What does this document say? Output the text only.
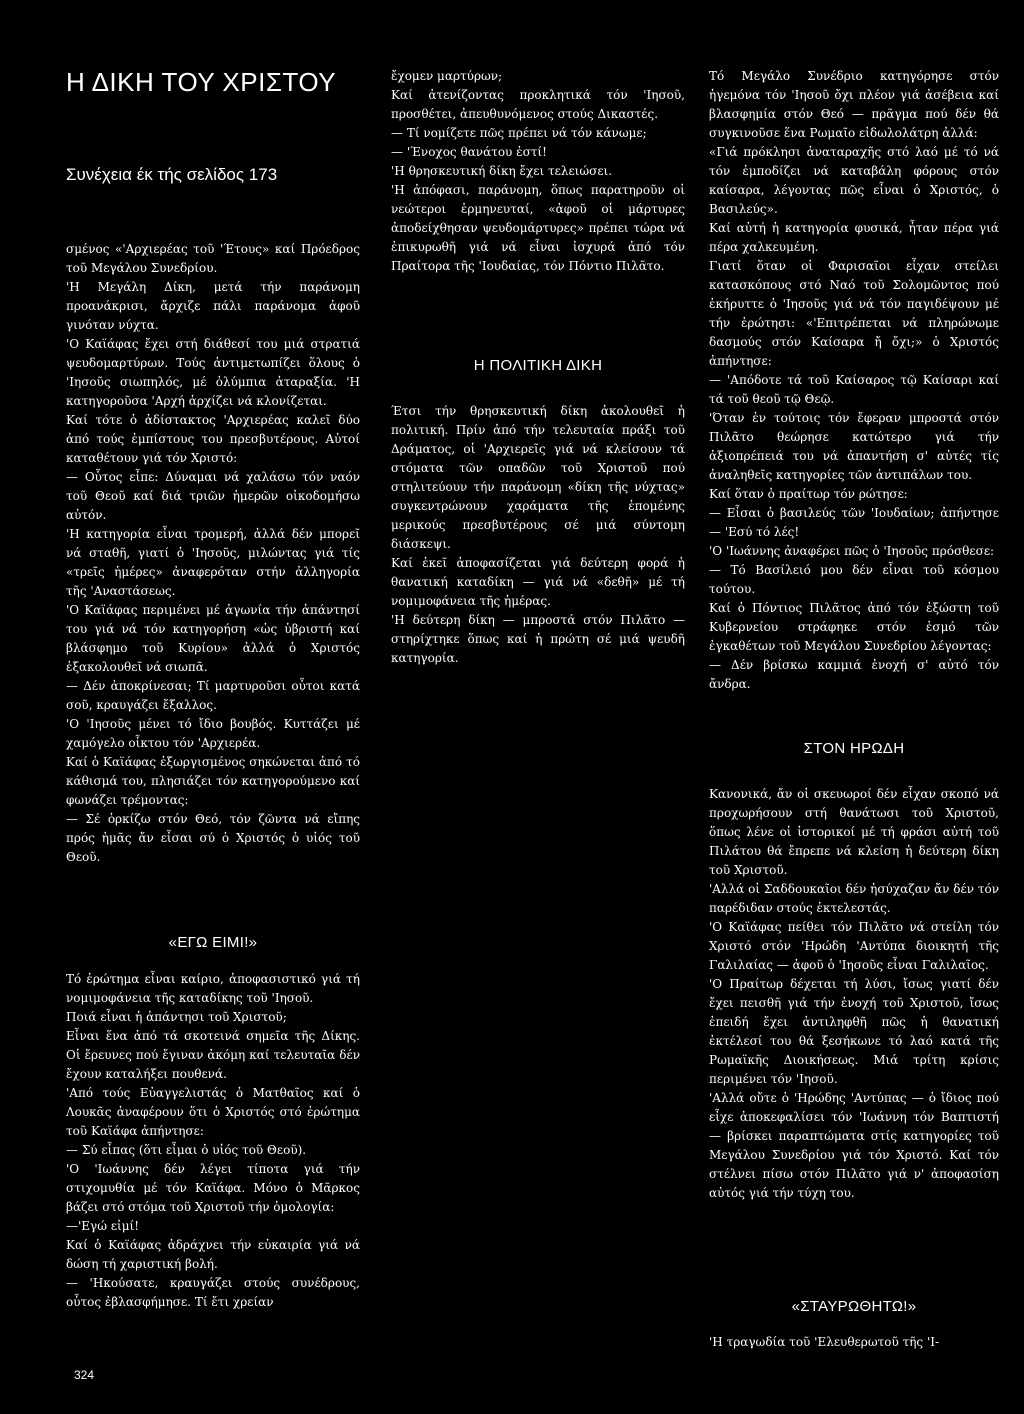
Η ΔΙΚΗ ΤΟΥ ΧΡΙΣΤΟΥ
Συνέχεια έκ τής σελίδος 173

σμένος «'Αρχιερέας τοῦ 'Έτους» καί Πρόεδρος τοῦ Μεγάλου Συνεδρίου.
'Η Μεγάλη Δίκη, μετά τήν παράνομη προανάκρισι, ἄρχιζε πάλι παράνομα ἀφοῦ γινόταν νύχτα.
'Ο Καϊάφας ἔχει στή διάθεσί του μιά στρατιά ψευδομαρτύρων. Τούς ἀντιμετωπίζει ὅλους ὁ 'Ιησοῦς σιωπηλός, μέ ὀλύμπια ἀταραξία. 'Η κατηγοροῦσα 'Αρχή ἀρχίζει νά κλονίζεται.
Καί τότε ὁ ἀδίστακτος 'Αρχιερέας καλεῖ δύο ἀπό τούς ἐμπίστους του πρεσβυτέρους. Αὐτοί καταθέτουν γιά τόν Χριστό:
— Οὗτος εἶπε: Δύναμαι νά χαλάσω τόν ναόν τοῦ Θεοῦ καί διά τριῶν ἡμερῶν οἰκοδομήσω αὐτόν.
'Η κατηγορία εἶναι τρομερή, ἀλλά δέν μπορεῖ νά σταθῆ, γιατί ὁ 'Ιησοῦς, μιλώντας γιά τίς «τρεῖς ἡμέρες» ἀναφερόταν στήν ἀλληγορία τῆς 'Αναστάσεως.
'Ο Καϊάφας περιμένει μέ ἀγωνία τήν ἀπάντησί του γιά νά τόν κατηγορήση «ὡς ὑβριστή καί βλάσφημο τοῦ Κυρίου» ἀλλά ὁ Χριστός ἐξακολουθεῖ νά σιωπᾶ.
— Δέν ἀποκρίνεσαι; Τί μαρτυροῦσι οὗτοι κατά σοῦ, κραυγάζει ἔξαλλος.
'Ο 'Ιησοῦς μένει τό ἴδιο βουβός. Κυττάζει μέ χαμόγελο οἶκτου τόν 'Αρχιερέα.
Καί ὁ Καϊάφας ἐξωργισμένος σηκώνεται ἀπό τό κάθισμά του, πλησιάζει τόν κατηγορούμενο καί φωνάζει τρέμοντας:
— Σέ ὁρκίζω στόν Θεό, τόν ζῶντα νά εἴπης πρός ἡμᾶς ἄν εἶσαι σύ ὁ Χριστός ὁ υἱός τοῦ Θεοῦ.

«ΕΓΩ ΕΙΜΙ!»

Τό ἐρώτημα εἶναι καίριο, ἀποφασιστικό γιά τή νομιμοφάνεια τῆς καταδίκης τοῦ 'Ιησοῦ.
Ποιά εἶναι ἡ ἀπάντησι τοῦ Χριστοῦ;
Εἶναι ἕνα ἀπό τά σκοτεινά σημεῖα τῆς Δίκης. Οἱ ἔρευνες πού ἔγιναν ἀκόμη καί τελευταῖα δέν ἔχουν καταλήξει πουθενά.
'Από τούς Εὐαγγελιστάς ὁ Ματθαῖος καί ὁ Λουκᾶς ἀναφέρουν ὅτι ὁ Χριστός στό ἐρώτημα τοῦ Καϊάφα ἀπήντησε:
— Σύ εἶπας (ὅτι εἶμαι ὁ υἱός τοῦ Θεοῦ).
'Ο 'Ιωάννης δέν λέγει τίποτα γιά τήν στιχομυθία μέ τόν Καϊάφα. Μόνο ὁ Μᾶρκος βάζει στό στόμα τοῦ Χριστοῦ τήν ὁμολογία:
—'Εγώ εἰμί!
Καί ὁ Καϊάφας ἀδράχνει τήν εὐκαιρία γιά νά δώση τή χαριστική βολή.
— 'Ηκούσατε, κραυγάζει στούς συνέδρους, οὗτος ἐβλασφήμησε. Τί ἔτι χρείαν

ἔχομεν μαρτύρων;
Καί ἀτενίζοντας προκλητικά τόν 'Ιησοῦ, προσθέτει, ἀπευθυνόμενος στούς Δικαστές.
— Τί νομίζετε πῶς πρέπει νά τόν κάνωμε;
— 'Ένοχος θανάτου ἐστί!
'Η θρησκευτική δίκη ἔχει τελειώσει.
'Η ἀπόφασι, παράνομη, ὅπως παρατηροῦν οἱ νεώτεροι ἑρμηνευταί, «ἀφοῦ οἱ μάρτυρες ἀποδείχθησαν ψευδομάρτυρες» πρέπει τώρα νά ἐπικυρωθῆ γιά νά εἶναι ἰσχυρά ἀπό τόν Πραίτορα τῆς 'Ιουδαίας, τόν Πόντιο Πιλᾶτο.

Η ΠΟΛΙΤΙΚΗ ΔΙΚΗ

Έτσι τήν θρησκευτική δίκη ἀκολουθεῖ ἡ πολιτική. Πρίν ἀπό τήν τελευταία πράξι τοῦ Δράματος, οἱ 'Αρχιερεῖς γιά νά κλείσουν τά στόματα τῶν οπαδῶν τοῦ Χριστοῦ πού στηλιτεύουν τήν παράνομη «δίκη τῆς νύχτας» συγκεντρώνουν χαράματα τῆς ἑπομένης μερικούς πρεσβυτέρους σέ μιά σύντομη διάσκεψι.
Καί ἐκεῖ ἀποφασίζεται γιά δεύτερη φορά ἡ θανατική καταδίκη — γιά νά «δεθῆ» μέ τή νομιμοφάνεια τῆς ἡμέρας.
'Η δεύτερη δίκη — μπροστά στόν Πιλᾶτο — στηρίχτηκε ὅπως καί ἡ πρώτη σέ μιά ψευδῆ κατηγορία.

Τό Μεγάλο Συνέδριο κατηγόρησε στόν ἡγεμόνα τόν 'Ιησοῦ ὄχι πλέον γιά ἀσέβεια καί βλασφημία στόν Θεό — πρᾶγμα πού δέν θά συγκινοῦσε ἕνα Ρωμαῖο εἰδωλολάτρη ἀλλά:
«Γιά πρόκλησι ἀναταραχῆς στό λαό μέ τό νά τόν ἐμποδίζει νά καταβάλη φόρους στόν καίσαρα, λέγοντας πῶς εἶναι ὁ Χριστός, ὁ Βασιλεύς».
Καί αὐτή ἡ κατηγορία φυσικά, ἦταν πέρα γιά πέρα χαλκευμένη.
Γιατί ὅταν οἱ Φαρισαῖοι εἶχαν στείλει κατασκόπους στό Ναό τοῦ Σολομῶντος πού ἐκήρυττε ὁ 'Ιησοῦς γιά νά τόν παγιδέψουν μέ τήν ἐρώτησι: «'Επιτρέπεται νά πληρώνωμε δασμούς στόν Καίσαρα ἤ ὄχι;» ὁ Χριστός ἀπήντησε:
— 'Απόδοτε τά τοῦ Καίσαρος τῷ Καίσαρι καί τά τοῦ θεοῦ τῷ Θεῷ.
'Όταν ἐν τούτοις τόν ἔφεραν μπροστά στόν Πιλᾶτο θεώρησε κατώτερο γιά τήν ἀξιοπρέπειά του νά ἀπαντήση σ' αὐτές τίς ἀναληθεῖς κατηγορίες τῶν ἀντιπάλων του.
Καί ὅταν ὁ πραίτωρ τόν ρώτησε:
— Εἶσαι ὁ βασιλεύς τῶν 'Ιουδαίων; ἀπήντησε — 'Εσύ τό λές!
'Ο 'Ιωάννης ἀναφέρει πῶς ὁ 'Ιησοῦς πρόσθεσε:
— Τό Βασίλειό μου δέν εἶναι τοῦ κόσμου τούτου.
Καί ὁ Πόντιος Πιλᾶτος ἀπό τόν ἐξώστη τοῦ Κυβερνείου στράφηκε στόν ἐσμό τῶν ἐγκαθέτων τοῦ Μεγάλου Συνεδρίου λέγοντας:
— Δέν βρίσκω καμμιά ἐνοχή σ' αὐτό τόν ἄνδρα.

ΣΤΟΝ ΗΡΩΔΗ

Κανονικά, ἄν οἱ σκευωροί δέν εἶχαν σκοπό νά προχωρήσουν στή θανάτωσι τοῦ Χριστοῦ, ὅπως λένε οἱ ἱστορικοί μέ τή φράσι αὐτή τοῦ Πιλάτου θά ἔπρεπε νά κλείση ἡ δεύτερη δίκη τοῦ Χριστοῦ.
'Αλλά οἱ Σαδδουκαῖοι δέν ἡσύχαζαν ἄν δέν τόν παρέδιδαν στούς ἐκτελεστάς.
'Ο Καϊάφας πείθει τόν Πιλᾶτο νά στείλη τόν Χριστό στόν 'Ηρώδη 'Αντύπα διοικητή τῆς Γαλιλαίας — ἀφοῦ ὁ 'Ιησοῦς εἶναι Γαλιλαῖος.
'Ο Πραίτωρ δέχεται τή λύσι, ἴσως γιατί δέν ἔχει πεισθῆ γιά τήν ἐνοχή τοῦ Χριστοῦ, ἴσως ἐπειδή ἔχει ἀντιληφθῆ πῶς ἡ θανατική ἐκτέλεσί του θά ξεσήκωνε τό λαό κατά τῆς Ρωμαϊκῆς Διοικήσεως. Μιά τρίτη κρίσις περιμένει τόν 'Ιησοῦ.
'Αλλά οὔτε ὁ 'Ηρώδης 'Αντύπας — ὁ ἴδιος πού εἶχε ἀποκεφαλίσει τόν 'Ιωάννη τόν Βαπτιστή — βρίσκει παραπτώματα στίς κατηγορίες τοῦ Μεγάλου Συνεδρίου γιά τόν Χριστό. Καί τόν στέλνει πίσω στόν Πιλᾶτο γιά ν' ἀποφασίση αὐτός γιά τήν τύχη του.

«ΣΤΑΥΡΩΘΗΤΩ!»

'Η τραγωδία τοῦ 'Ελευθερωτοῦ τῆς 'Ι-

324
